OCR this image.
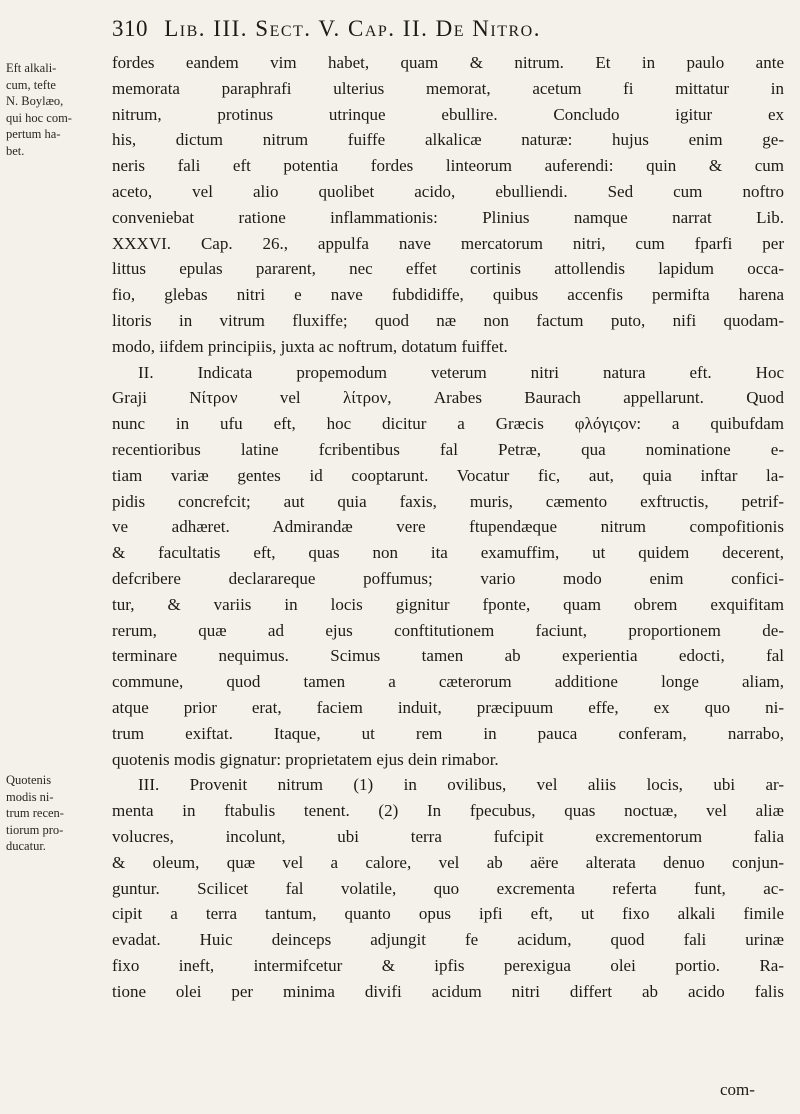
310 Lib. III. Sect. V. Cap. II. De Nitro.
Eft alkali-
cum, tefte
N. Boylæo,
qui hoc com-
pertum ha-
bet.
Quotenis
modis ni-
trum recen-
tiorum pro-
ducatur.
fordes eandem vim habet, quam & nitrum. Et in paulo ante
memorata paraphrafi ulterius memorat, acetum fi mittatur in
nitrum, protinus utrinque ebullire. Concludo igitur ex
his, dictum nitrum fuiffe alkalicæ naturæ: hujus enim ge-
neris fali eft potentia fordes linteorum auferendi: quin & cum
aceto, vel alio quolibet acido, ebulliendi. Sed cum noftro
conveniebat ratione inflammationis: Plinius namque narrat Lib.
XXXVI. Cap. 26., appulfa nave mercatorum nitri, cum fparfi per
littus epulas pararent, nec effet cortinis attollendis lapidum occa-
fio, glebas nitri e nave fubdidiffe, quibus accenfis permifta harena
litoris in vitrum fluxiffe; quod næ non factum puto, nifi quodam-
modo, iifdem principiis, juxta ac noftrum, dotatum fuiffet.
II. Indicata propemodum veterum nitri natura eft. Hoc
Graji Νίτρον vel λίτρον, Arabes Baurach appellarunt. Quod
nunc in ufu eft, hoc dicitur a Græcis φλόγιςον: a quibufdam
recentioribus latine fcribentibus fal Petræ, qua nominatione e-
tiam variæ gentes id cooptarunt. Vocatur fic, aut, quia inftar la-
pidis concrefcit; aut quia faxis, muris, cæmento exftructis, petrif-
ve adhæret. Admirandæ vere ftupendæque nitrum compofitionis
& facultatis eft, quas non ita examuffim, ut quidem decerent,
defcribere declarareque poffumus; vario modo enim confici-
tur, & variis in locis gignitur fponte, quam obrem exquifitam
rerum, quæ ad ejus conftitutionem faciunt, proportionem de-
terminare nequimus. Scimus tamen ab experientia edocti, fal
commune, quod tamen a cæterorum additione longe aliam,
atque prior erat, faciem induit, præcipuum effe, ex quo ni-
trum exiftat. Itaque, ut rem in pauca conferam, narrabo,
quotenis modis gignatur: proprietatem ejus dein rimabor.
III. Provenit nitrum (1) in ovilibus, vel aliis locis, ubi ar-
menta in ftabulis tenent. (2) In fpecubus, quas noctuæ, vel aliæ
volucres, incolunt, ubi terra fufcipit excrementorum falia
& oleum, quæ vel a calore, vel ab aëre alterata denuo conjun-
guntur. Scilicet fal volatile, quo excrementa referta funt, ac-
cipit a terra tantum, quanto opus ipfi eft, ut fixo alkali fimile
evadat. Huic deinceps adjungit fe acidum, quod fali urinæ
fixo ineft, intermifcetur & ipfis perexigua olei portio. Ra-
tione olei per minima divifi acidum nitri differt ab acido falis
com-
